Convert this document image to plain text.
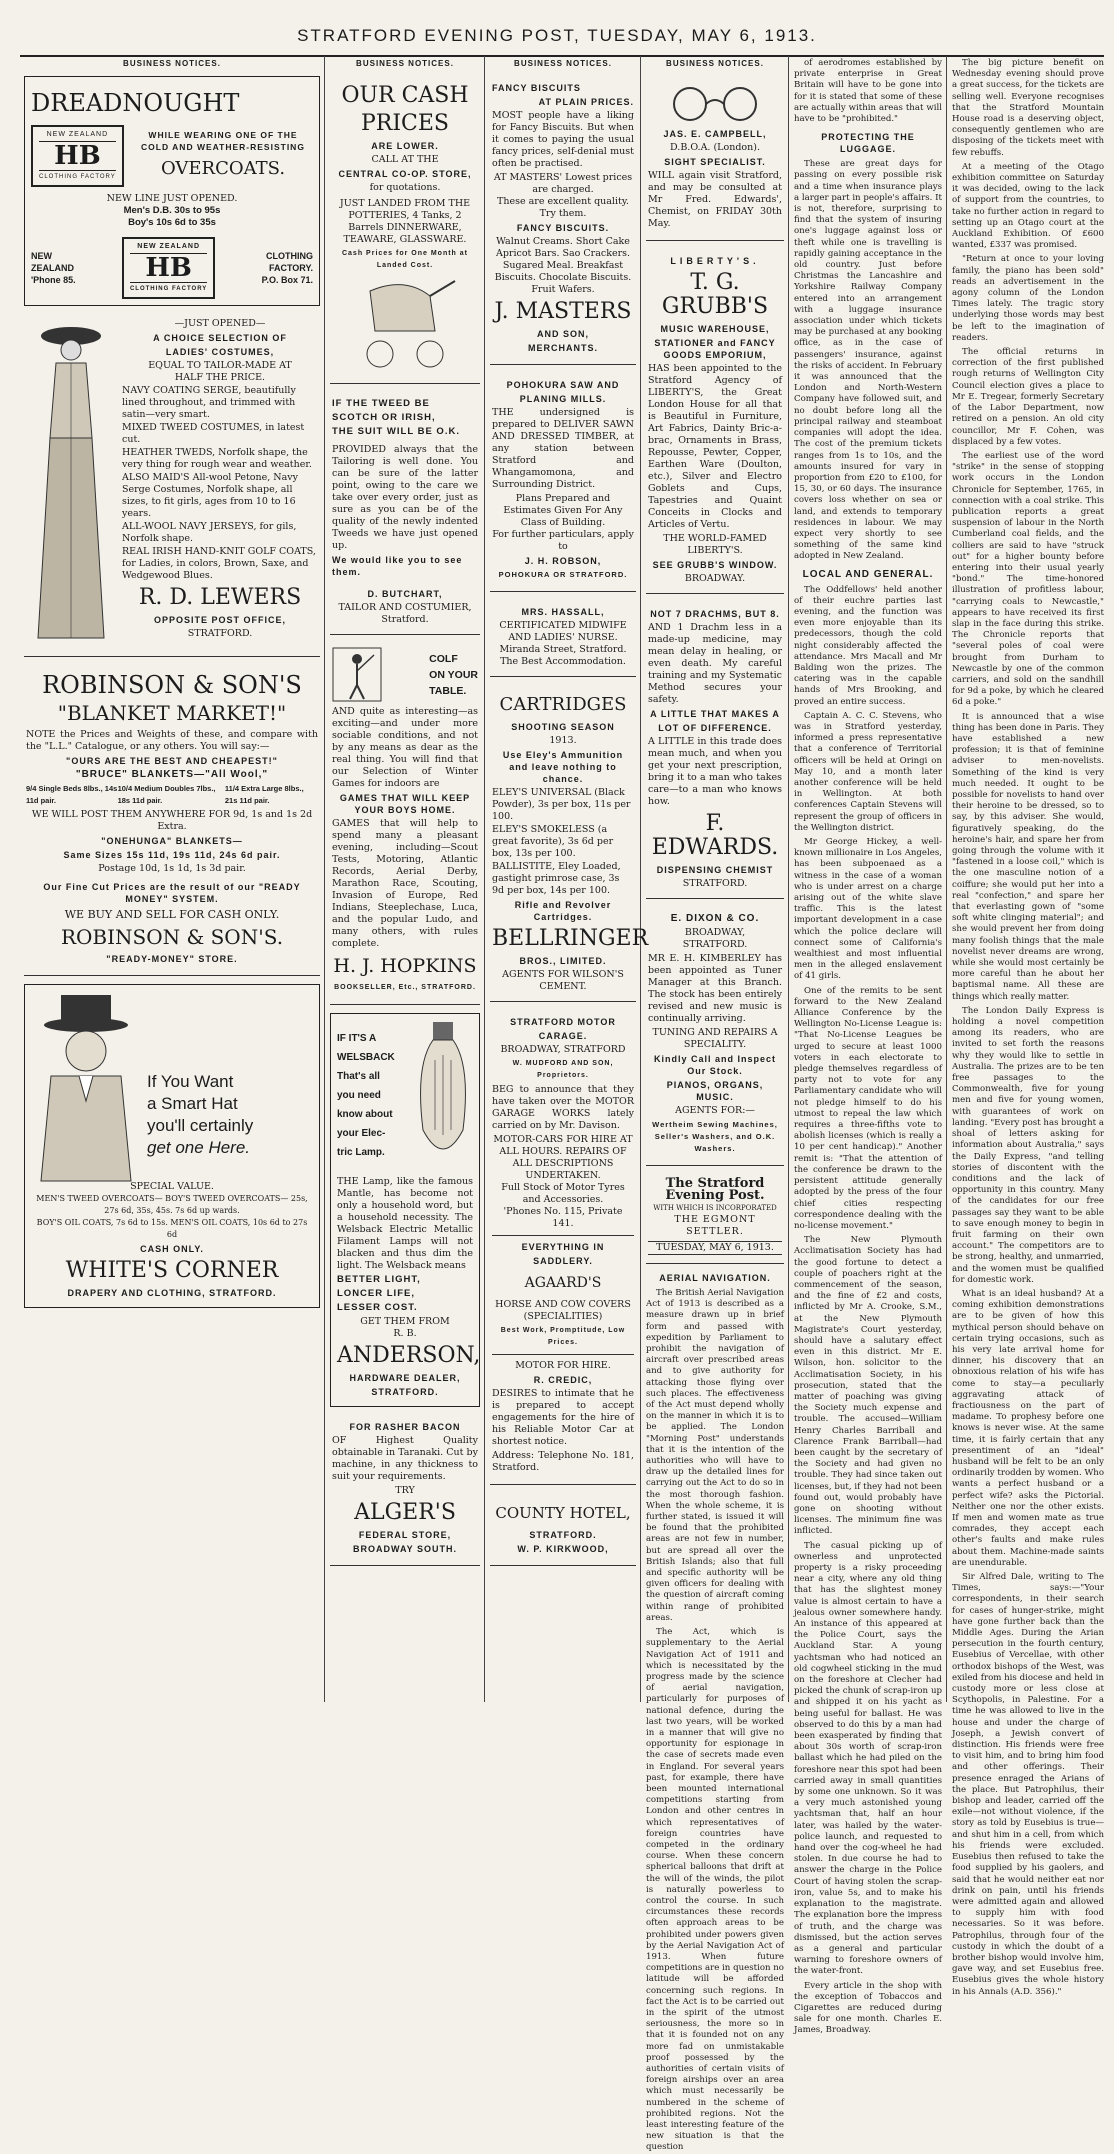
STRATFORD EVENING POST, TUESDAY, MAY 6, 1913.
BUSINESS NOTICES.
DREADNOUGHT
NEW ZEALAND
HB
CLOTHING FACTORY
WHILE WEARING ONE OF THE COLD AND WEATHER-RESISTING
OVERCOATS.
NEW LINE JUST OPENED.
Men's D.B. 30s to 95s
Boy's 10s 6d to 35s
NEW
ZEALAND
'Phone 85.
NEW ZEALAND
HB
CLOTHING FACTORY
CLOTHING
FACTORY.
P.O. Box 71.
—JUST OPENED—
A CHOICE SELECTION OF
LADIES' COSTUMES,
EQUAL TO TAILOR-MADE AT
HALF THE PRICE.
NAVY COATING SERGE, beautifully lined throughout, and trimmed with satin—very smart.
MIXED TWEED COSTUMES, in latest cut.
HEATHER TWEDS, Norfolk shape, the very thing for rough wear and weather.
ALSO MAID'S All-wool Petone, Navy Serge Costumes, Norfolk shape, all sizes, to fit girls, ages from 10 to 16 years.
ALL-WOOL NAVY JERSEYS, for gils, Norfolk shape.
REAL IRISH HAND-KNIT GOLF COATS, for Ladies, in colors, Brown, Saxe, and Wedgewood Blues.
R. D. LEWERS
OPPOSITE POST OFFICE,
STRATFORD.
ROBINSON & SON'S
"BLANKET MARKET!"
NOTE the Prices and Weights of these, and compare with the "L.L." Catalogue, or any others. You will say:—
"OURS ARE THE BEST AND CHEAPEST!"
"BRUCE" BLANKETS—"All Wool,"
9/4 Single Beds 8lbs., 14s 11d pair.
10/4 Medium Doubles 7lbs., 18s 11d pair.
11/4 Extra Large 8lbs., 21s 11d pair.
WE WILL POST THEM ANYWHERE FOR 9d, 1s and 1s 2d Extra.
"ONEHUNGA" BLANKETS—
Same Sizes 15s 11d, 19s 11d, 24s 6d pair.
Postage 10d, 1s 1d, 1s 3d pair.
Our Fine Cut Prices are the result of our "READY MONEY" SYSTEM.
WE BUY AND SELL FOR CASH ONLY.
ROBINSON & SON'S.
"READY-MONEY" STORE.
If You Want
a Smart Hat
you'll certainly
get one Here.
SPECIAL VALUE.
MEN'S TWEED OVERCOATS— BOY'S TWEED OVERCOATS— 25s, 27s 6d, 35s, 45s. 7s 6d up wards.
BOY'S OIL COATS, 7s 6d to 15s. MEN'S OIL COATS, 10s 6d to 27s 6d
CASH ONLY.
WHITE'S CORNER
DRAPERY AND CLOTHING, STRATFORD.
BUSINESS NOTICES.
OUR CASH
PRICES
ARE LOWER.
CALL AT THE
CENTRAL CO-OP. STORE,
for quotations.
JUST LANDED FROM THE POTTERIES, 4 Tanks, 2 Barrels DINNERWARE, TEAWARE, GLASSWARE.
Cash Prices for One Month at Landed Cost.
IF THE TWEED BE
SCOTCH OR IRISH,
THE SUIT WILL BE O.K.
PROVIDED always that the Tailoring is well done. You can be sure of the latter point, owing to the care we take over every order, just as sure as you can be of the quality of the newly indented Tweeds we have just opened up.
We would like you to see them.
D. BUTCHART,
TAILOR AND COSTUMIER,
Stratford.
COLF
ON YOUR
TABLE.
AND quite as interesting—as exciting—and under more sociable conditions, and not by any means as dear as the real thing. You will find that our Selection of Winter Games for indoors are
GAMES THAT WILL KEEP YOUR BOYS HOME.
GAMES that will help to spend many a pleasant evening, including—Scout Tests, Motoring, Atlantic Records, Aerial Derby, Marathon Race, Scouting, Invasion of Europe, Red Indians, Steeplechase, Luca, and the popular Ludo, and many others, with rules complete.
H. J. HOPKINS
BOOKSELLER, Etc., STRATFORD.
IF IT'S A
WELSBACK
That's all
you need
know about
your Elec-
tric Lamp.
THE Lamp, like the famous Mantle, has become not only a household word, but a household necessity. The Welsback Electric Metallic Filament Lamps will not blacken and thus dim the light. The Welsback means
BETTER LIGHT,
LONCER LIFE,
LESSER COST.
GET THEM FROM
R. B.
ANDERSON,
HARDWARE DEALER,
STRATFORD.
FOR RASHER BACON
OF Highest Quality obtainable in Taranaki. Cut by machine, in any thickness to suit your requirements.
TRY
ALGER'S
FEDERAL STORE,
BROADWAY SOUTH.
BUSINESS NOTICES.
FANCY BISCUITS
AT PLAIN PRICES.
MOST people have a liking for Fancy Biscuits. But when it comes to paying the usual fancy prices, self-denial must often be practised.
AT MASTERS' Lowest prices are charged.
These are excellent quality.
Try them.
FANCY BISCUITS.
Walnut Creams. Short Cake Apricot Bars. Sao Crackers. Sugared Meal. Breakfast Biscuits. Chocolate Biscuits. Fruit Wafers.
J. MASTERS
AND SON,
MERCHANTS.
POHOKURA SAW AND
PLANING MILLS.
THE undersigned is prepared to DELIVER SAWN AND DRESSED TIMBER, at any station between Stratford and Whangamomona, and Surrounding District.
Plans Prepared and Estimates Given For Any Class of Building.
For further particulars, apply to
J. H. ROBSON,
POHOKURA OR STRATFORD.
MRS. HASSALL,
CERTIFICATED MIDWIFE AND LADIES' NURSE.
Miranda Street, Stratford.
The Best Accommodation.
CARTRIDGES
SHOOTING SEASON
1913.
Use Eley's Ammunition and leave nothing to chance.
ELEY'S UNIVERSAL (Black Powder), 3s per box, 11s per 100.
ELEY'S SMOKELESS (a great favorite), 3s 6d per box, 13s per 100.
BALLISTITE, Eley Loaded, gastight primrose case, 3s 9d per box, 14s per 100.
Rifle and Revolver Cartridges.
BELLRINGER
BROS., LIMITED.
AGENTS FOR WILSON'S
CEMENT.
STRATFORD MOTOR
CARAGE.
BROADWAY, STRATFORD
W. MUDFORD AND SON, Proprietors.
BEG to announce that they have taken over the MOTOR GARAGE WORKS lately carried on by Mr. Davison.
MOTOR-CARS FOR HIRE AT ALL HOURS. REPAIRS OF ALL DESCRIPTIONS UNDERTAKEN.
Full Stock of Motor Tyres and Accessories.
'Phones No. 115, Private 141.
EVERYTHING IN
SADDLERY.
AGAARD'S
HORSE AND COW COVERS (SPECIALITIES)
Best Work, Promptitude, Low Prices.
MOTOR FOR HIRE.
R. CREDIC,
DESIRES to intimate that he is prepared to accept engagements for the hire of his Reliable Motor Car at shortest notice.
Address: Telephone No. 181, Stratford.
COUNTY HOTEL,
STRATFORD.
W. P. KIRKWOOD,
BUSINESS NOTICES.
JAS. E. CAMPBELL,
D.B.O.A. (London).
SIGHT SPECIALIST.
WILL again visit Stratford, and may be consulted at Mr Fred. Edwards', Chemist, on FRIDAY 30th May.
LIBERTY'S.
T. G. GRUBB'S
MUSIC WAREHOUSE,
STATIONER and FANCY GOODS EMPORIUM,
HAS been appointed to the Stratford Agency of LIBERTY'S, the Great London House for all that is Beautiful in Furniture, Art Fabrics, Dainty Bric-a-brac, Ornaments in Brass, Repousse, Pewter, Copper, Earthen Ware (Doulton, etc.), Silver and Electro Goblets and Cups, Tapestries and Quaint Conceits in Clocks and Articles of Vertu.
THE WORLD-FAMED LIBERTY'S.
SEE GRUBB'S WINDOW.
BROADWAY.
NOT 7 DRACHMS, BUT 8.
AND 1 Drachm less in a made-up medicine, may mean delay in healing, or even death. My careful training and my Systematic Method secures your safety.
A LITTLE THAT MAKES A
LOT OF DIFFERENCE.
A LITTLE in this trade does mean much, and when you get your next prescription, bring it to a man who takes care—to a man who knows how.
F. EDWARDS.
DISPENSING CHEMIST
STRATFORD.
E. DIXON & CO.
BROADWAY,
STRATFORD.
MR E. H. KIMBERLEY has been appointed as Tuner Manager at this Branch. The stock has been entirely revised and new music is continually arriving.
TUNING AND REPAIRS A SPECIALITY.
Kindly Call and Inspect Our Stock.
PIANOS, ORGANS, MUSIC.
AGENTS FOR:—
Wertheim Sewing Machines, Seller's Washers, and O.K. Washers.
The Stratford Evening Post.
WITH WHICH IS INCORPORATED
THE EGMONT SETTLER.
TUESDAY, MAY 6, 1913.
AERIAL NAVIGATION.

The British Aerial Navigation Act of 1913 is described as a measure drawn up in brief form and passed with expedition by Parliament to prohibit the navigation of aircraft over prescribed areas and to give authority for attacking those flying over such places. The effectiveness of the Act must depend wholly on the manner in which it is to be applied. The London "Morning Post" understands that it is the intention of the authorities who will have to draw up the detailed lines for carrying out the Act to do so in the most thorough fashion. When the whole scheme, it is further stated, is issued it will be found that the prohibited areas are not few in number, but are spread all over the British Islands; also that full and specific authority will be given officers for dealing with the question of aircraft coming within range of prohibited areas.

The Act, which is supplementary to the Aerial Navigation Act of 1911 and which is necessitated by the progress made by the science of aerial navigation, particularly for purposes of national defence, during the last two years, will be worked in a manner that will give no opportunity for espionage in the case of secrets made even in England. For several years past, for example, there have been mounted international competitions starting from London and other centres in which representatives of foreign countries have competed in the ordinary course. When these concern spherical balloons that drift at the will of the winds, the pilot is naturally powerless to control the course. In such circumstances these records often approach areas to be prohibited under powers given by the Aerial Navigation Act of 1913. When future competitions are in question no latitude will be afforded concerning such regions. In fact the Act is to be carried out in the spirit of the utmost seriousness, the more so in that it is founded not on any more fad on unmistakable proof possessed by the authorities of certain visits of foreign airships over an area which must necessarily be numbered in the scheme of prohibited regions. Not the least interesting feature of the new situation is that the question

of aerodromes established by private enterprise in Great Britain will have to be gone into for it is stated that some of these are actually within areas that will have to be "prohibited."

PROTECTING THE LUGGAGE.

These are great days for passing on every possible risk and a time when insurance plays a larger part in people's affairs. It is not, therefore, surprising to find that the system of insuring one's luggage against loss or theft while one is travelling is rapidly gaining acceptance in the old country. Just before Christmas the Lancashire and Yorkshire Railway Company entered into an arrangement with a luggage insurance association under which tickets may be purchased at any booking office, as in the case of passengers' insurance, against the risks of accident. In February it was announced that the London and North-Western Company have followed suit, and no doubt before long all the principal railway and steamboat companies will adopt the idea. The cost of the premium tickets ranges from 1s to 10s, and the amounts insured for vary in proportion from £20 to £100, for 15, 30, or 60 days. The insurance covers loss whether on sea or land, and extends to temporary residences in labour. We may expect very shortly to see something of the same kind adopted in New Zealand.

LOCAL AND GENERAL.

The Oddfellows' held another of their euchre parties last evening, and the function was even more enjoyable than its predecessors, though the cold night considerably affected the attendance. Mrs Macall and Mr Balding won the prizes. The catering was in the capable hands of Mrs Brooking, and proved an entire success.

Captain A. C. C. Stevens, who was in Stratford yesterday, informed a press representative that a conference of Territorial officers will be held at Oringi on May 10, and a month later another conference will be held in Wellington. At both conferences Captain Stevens will represent the group of officers in the Wellington district.

Mr George Hickey, a well-known millionaire in Los Angeles, has been subpoenaed as a witness in the case of a woman who is under arrest on a charge arising out of the white slave traffic. This is the latest important development in a case which the police declare will connect some of California's wealthiest and most influential men in the alleged enslavement of 41 girls.

One of the remits to be sent forward to the New Zealand Alliance Conference by the Wellington No-License League is: "That No-License Leagues be urged to secure at least 1000 voters in each electorate to pledge themselves regardless of party not to vote for any Parliamentary candidate who will not pledge himself to do his utmost to repeal the law which requires a three-fifths vote to abolish licenses (which is really a 10 per cent handicap)." Another remit is: "That the attention of the conference be drawn to the persistent attitude generally adopted by the press of the four chief cities respecting correspondence dealing with the no-license movement."

The New Plymouth Acclimatisation Society has had the good fortune to detect a couple of poachers right at the commencement of the season, and the fine of £2 and costs, inflicted by Mr A. Crooke, S.M., at the New Plymouth Magistrate's Court yesterday, should have a salutary effect even in this district. Mr E. Wilson, hon. solicitor to the Acclimatisation Society, in his prosecution, stated that the matter of poaching was giving the Society much expense and trouble. The accused—William Henry Charles Barriball and Clarence Frank Barriball—had been caught by the secretary of the Society and had given no trouble. They had since taken out licenses, but, if they had not been found out, would probably have gone on shooting without licenses. The minimum fine was inflicted.

The casual picking up of ownerless and unprotected property is a risky proceeding near a city, where any old thing that has the slightest money value is almost certain to have a jealous owner somewhere handy. An instance of this appeared at the Police Court, says the Auckland Star. A young yachtsman who had noticed an old cogwheel sticking in the mud on the foreshore at Clecher had picked the chunk of scrap-iron up and shipped it on his yacht as being useful for ballast. He was observed to do this by a man had been exasperated by finding that about 30s worth of scrap-iron ballast which he had piled on the foreshore near this spot had been carried away in small quantities by some one unknown. So it was a very much astonished young yachtsman that, half an hour later, was hailed by the water-police launch, and requested to hand over the cog-wheel he had stolen. In due course he had to answer the charge in the Police Court of having stolen the scrap-iron, value 5s, and to make his explanation to the magistrate. The explanation bore the impress of truth, and the charge was dismissed, but the action serves as a general and particular warning to foreshore owners of the water-front.

Every article in the shop with the exception of Tobaccos and Cigarettes are reduced during sale for one month. Charles E. James, Broadway.

The big picture benefit on Wednesday evening should prove a great success, for the tickets are selling well. Everyone recognises that the Stratford Mountain House road is a deserving object, consequently gentlemen who are disposing of the tickets meet with few rebuffs.

At a meeting of the Otago exhibition committee on Saturday it was decided, owing to the lack of support from the countries, to take no further action in regard to setting up an Otago court at the Auckland Exhibition. Of £600 wanted, £337 was promised.

"Return at once to your loving family, the piano has been sold" reads an advertisement in the agony column of the London Times lately. The tragic story underlying those words may best be left to the imagination of readers.

The official returns in correction of the first published rough returns of Wellington City Council election gives a place to Mr E. Tregear, formerly Secretary of the Labor Department, now retired on a pension. An old city councillor, Mr F. Cohen, was displaced by a few votes.

The earliest use of the word "strike" in the sense of stopping work occurs in the London Chronicle for September, 1765, in connection with a coal strike. This publication reports a great suspension of labour in the North Cumberland coal fields, and the colliers are said to have "struck out" for a higher bounty before entering into their usual yearly "bond." The time-honored illustration of profitless labour, "carrying coals to Newcastle," appears to have received its first slap in the face during this strike. The Chronicle reports that "several poles of coal were brought from Durham to Newcastle by one of the common carriers, and sold on the sandhill for 9d a poke, by which he cleared 6d a poke."

It is announced that a wise thing has been done in Paris. They have established a new profession; it is that of feminine adviser to men-novelists. Something of the kind is very much needed. It ought to be possible for novelists to hand over their heroine to be dressed, so to say, by this adviser. She would, figuratively speaking, do the heroine's hair, and spare her from going through the volume with it "fastened in a loose coil," which is the one masculine notion of a coiffure; she would put her into a real "confection," and spare her that everlasting gown of "some soft white clinging material"; and she would prevent her from doing many foolish things that the male novelist never dreams are wrong, while she would most certainly be more careful than he about her baptismal name. All these are things which really matter.

The London Daily Express is holding a novel competition among its readers, who are invited to set forth the reasons why they would like to settle in Australia. The prizes are to be ten free passages to the Commonwealth, five for young men and five for young women, with guarantees of work on landing. "Every post has brought a shoal of letters asking for information about Australia," says the Daily Express, "and telling stories of discontent with the conditions and the lack of opportunity in this country. Many of the candidates for our free passages say they want to be able to save enough money to begin in fruit farming on their own account." The competitors are to be strong, healthy, and unmarried, and the women must be qualified for domestic work.

What is an ideal husband? At a coming exhibition demonstrations are to be given of how this mythical person should behave on certain trying occasions, such as his very late arrival home for dinner, his discovery that an obnoxious relation of his wife has come to stay—a peculiarly aggravating attack of fractiousness on the part of madame. To prophesy before one knows is never wise. At the same time, it is fairly certain that any presentiment of an "ideal" husband will be felt to be an only ordinarily trodden by women. Who wants a perfect husband or a perfect wife? asks the Pictorial. Neither one nor the other exists. If men and women mate as true comrades, they accept each other's faults and make rules about them. Machine-made saints are unendurable.

Sir Alfred Dale, writing to The Times, says:—"Your correspondents, in their search for cases of hunger-strike, might have gone further back than the Middle Ages. During the Arian persecution in the fourth century, Eusebius of Vercellae, with other orthodox bishops of the West, was exiled from his diocese and held in custody more or less close at Scythopolis, in Palestine. For a time he was allowed to live in the house and under the charge of Joseph, a Jewish convert of distinction. His friends were free to visit him, and to bring him food and other offerings. Their presence enraged the Arians of the place. But Patrophilus, their bishop and leader, carried off the exile—not without violence, if the story as told by Eusebius is true—and shut him in a cell, from which his friends were excluded. Eusebius then refused to take the food supplied by his gaolers, and said that he would neither eat nor drink on pain, until his friends were admitted again and allowed to supply him with food necessaries. So it was before. Patrophilus, through four of the custody in which the doubt of a brother bishop would involve him, gave way, and set Eusebius free. Eusebius gives the whole history in his Annals (A.D. 356)."
